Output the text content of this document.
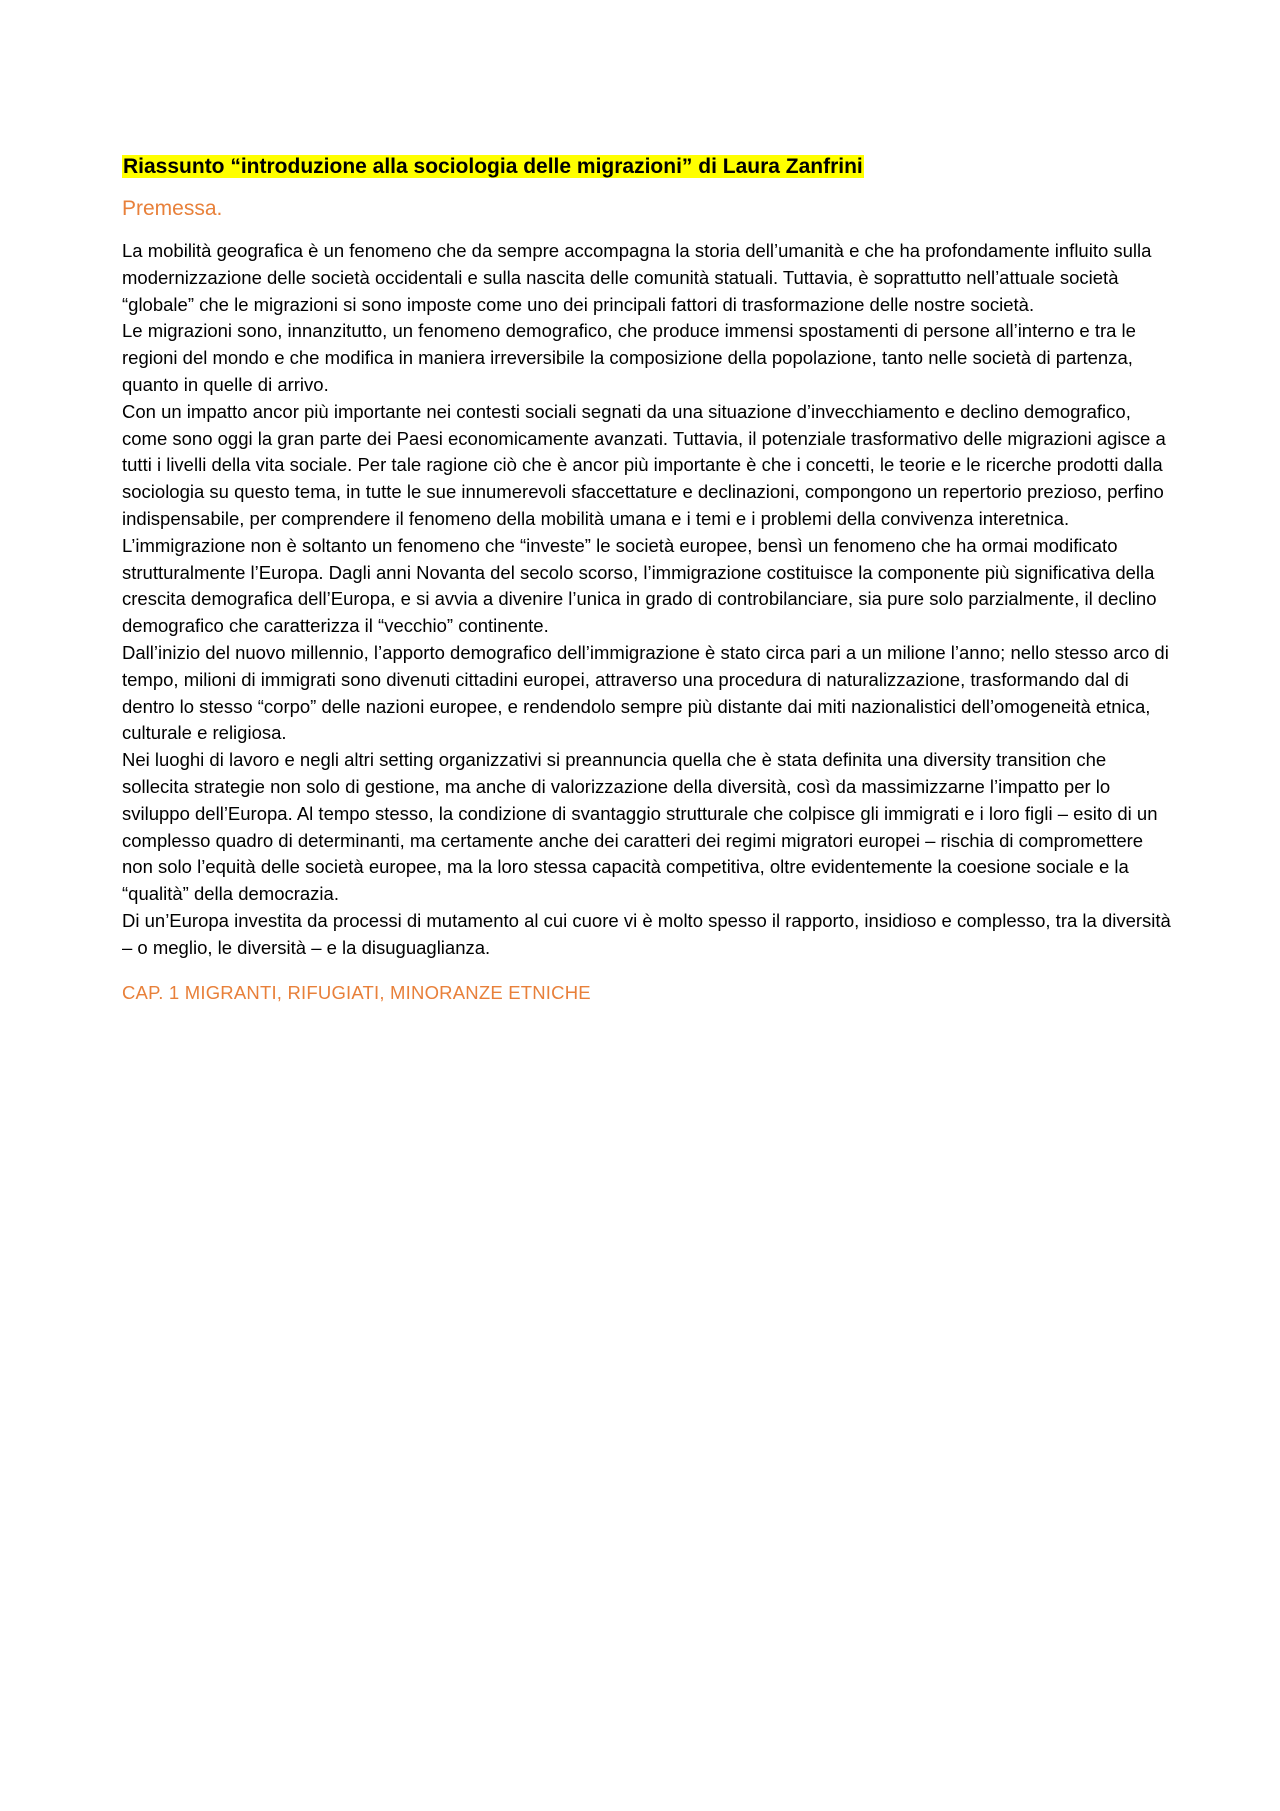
Riassunto “introduzione alla sociologia delle migrazioni” di Laura Zanfrini
Premessa.

La mobilità geografica è un fenomeno che da sempre accompagna la storia dell’umanità e che ha profondamente influito sulla modernizzazione delle società occidentali e sulla nascita delle comunità statuali. Tuttavia, è soprattutto nell’attuale società “globale” che le migrazioni si sono imposte come uno dei principali fattori di trasformazione delle nostre società.

Le migrazioni sono, innanzitutto, un fenomeno demografico, che produce immensi spostamenti di persone all’interno e tra le regioni del mondo e che modifica in maniera irreversibile la composizione della popolazione, tanto nelle società di partenza, quanto in quelle di arrivo.

Con un impatto ancor più importante nei contesti sociali segnati da una situazione d’invecchiamento e declino demografico, come sono oggi la gran parte dei Paesi economicamente avanzati. Tuttavia, il potenziale trasformativo delle migrazioni agisce a tutti i livelli della vita sociale. Per tale ragione ciò che è ancor più importante è che i concetti, le teorie e le ricerche prodotti dalla sociologia su questo tema, in tutte le sue innumerevoli sfaccettature e declinazioni, compongono un repertorio prezioso, perfino indispensabile, per comprendere il fenomeno della mobilità umana e i temi e i problemi della convivenza interetnica.

L’immigrazione non è soltanto un fenomeno che “investe” le società europee, bensì un fenomeno che ha ormai modificato strutturalmente l’Europa. Dagli anni Novanta del secolo scorso, l’immigrazione costituisce la componente più significativa della crescita demografica dell’Europa, e si avvia a divenire l’unica in grado di controbilanciare, sia pure solo parzialmente, il declino demografico che caratterizza il “vecchio” continente.

Dall’inizio del nuovo millennio, l’apporto demografico dell’immigrazione è stato circa pari a un milione l’anno; nello stesso arco di tempo, milioni di immigrati sono divenuti cittadini europei, attraverso una procedura di naturalizzazione, trasformando dal di dentro lo stesso “corpo” delle nazioni europee, e rendendolo sempre più distante dai miti nazionalistici dell’omogeneità etnica, culturale e religiosa.

Nei luoghi di lavoro e negli altri setting organizzativi si preannuncia quella che è stata definita una diversity transition che sollecita strategie non solo di gestione, ma anche di valorizzazione della diversità, così da massimizzarne l’impatto per lo sviluppo dell’Europa. Al tempo stesso, la condizione di svantaggio strutturale che colpisce gli immigrati e i loro figli – esito di un complesso quadro di determinanti, ma certamente anche dei caratteri dei regimi migratori europei – rischia di compromettere non solo l’equità delle società europee, ma la loro stessa capacità competitiva, oltre evidentemente la coesione sociale e la “qualità” della democrazia.

Di un’Europa investita da processi di mutamento al cui cuore vi è molto spesso il rapporto, insidioso e complesso, tra la diversità – o meglio, le diversità – e la disuguaglianza.

CAP. 1 MIGRANTI, RIFUGIATI, MINORANZE ETNICHE
